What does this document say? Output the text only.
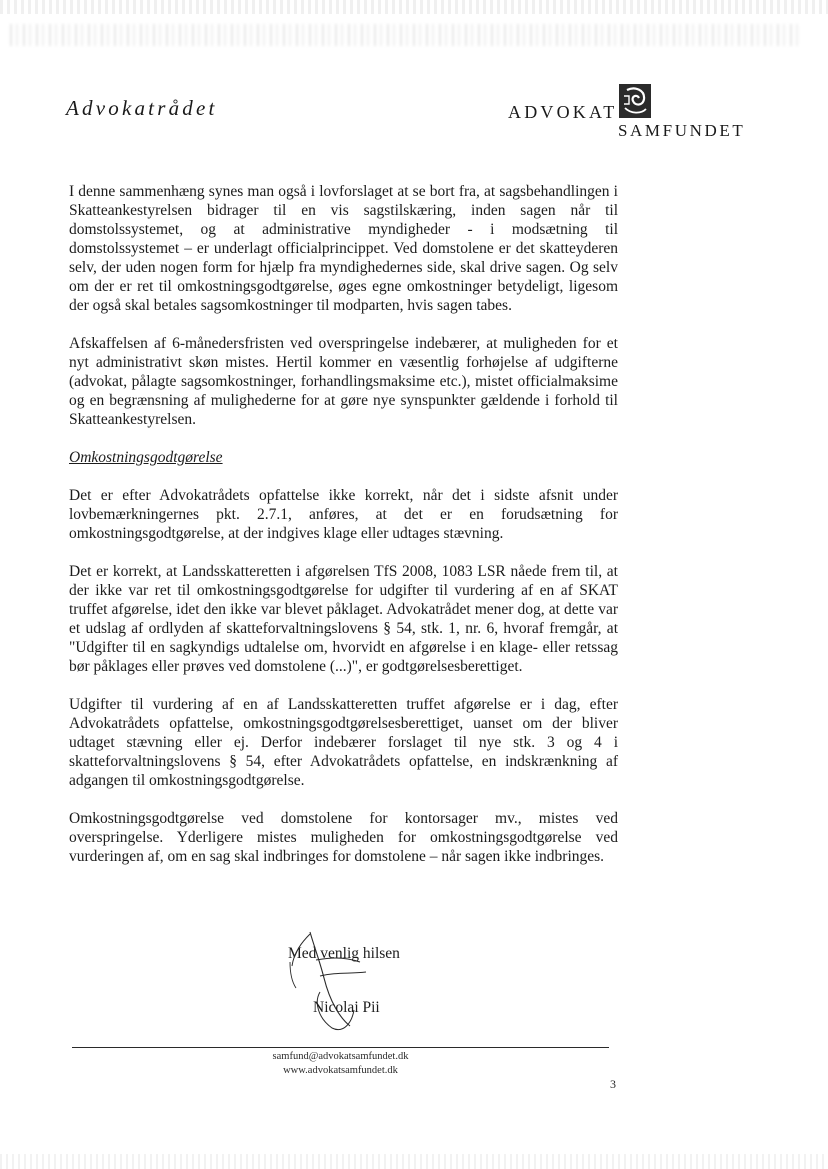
Advokatrådet	ADVOKAT
SAMFUNDET

I denne sammenhæng synes man også i lovforslaget at se bort fra, at sagsbehandlingen i Skatteankestyrelsen bidrager til en vis sagstilskæring, inden sagen når til domstolssystemet, og at administrative myndigheder - i modsætning til domstolssystemet – er underlagt officialprincippet. Ved domstolene er det skatteyderen selv, der uden nogen form for hjælp fra myndighedernes side, skal drive sagen. Og selv om der er ret til omkostningsgodtgørelse, øges egne omkostninger betydeligt, ligesom der også skal betales sagsomkostninger til modparten, hvis sagen tabes.

Afskaffelsen af 6-månedersfristen ved overspringelse indebærer, at muligheden for et nyt administrativt skøn mistes. Hertil kommer en væsentlig forhøjelse af udgifterne (advokat, pålagte sagsomkostninger, forhandlingsmaksime etc.), mistet officialmaksime og en begrænsning af mulighederne for at gøre nye synspunkter gældende i forhold til Skatteankestyrelsen.

Omkostningsgodtgørelse

Det er efter Advokatrådets opfattelse ikke korrekt, når det i sidste afsnit under lovbemærkningernes pkt. 2.7.1, anføres, at det er en forudsætning for omkostningsgodtgørelse, at der indgives klage eller udtages stævning.

Det er korrekt, at Landsskatteretten i afgørelsen TfS 2008, 1083 LSR nåede frem til, at der ikke var ret til omkostningsgodtgørelse for udgifter til vurdering af en af SKAT truffet afgørelse, idet den ikke var blevet påklaget. Advokatrådet mener dog, at dette var et udslag af ordlyden af skatteforvaltningslovens § 54, stk. 1, nr. 6, hvoraf fremgår, at "Udgifter til en sagkyndigs udtalelse om, hvorvidt en afgørelse i en klage- eller retssag bør påklages eller prøves ved domstolene (...)", er godtgørelsesberettiget.

Udgifter til vurdering af en af Landsskatteretten truffet afgørelse er i dag, efter Advokatrådets opfattelse, omkostningsgodtgørelsesberettiget, uanset om der bliver udtaget stævning eller ej. Derfor indebærer forslaget til nye stk. 3 og 4 i skatteforvaltningslovens § 54, efter Advokatrådets opfattelse, en indskrænkning af adgangen til omkostningsgodtgørelse.

Omkostningsgodtgørelse ved domstolene for kontorsager mv., mistes ved overspringelse. Yderligere mistes muligheden for omkostningsgodtgørelse ved vurderingen af, om en sag skal indbringes for domstolene – når sagen ikke indbringes.

Med venlig hilsen
Nicolai Pii
samfund@advokatsamfundet.dk
www.advokatsamfundet.dk
3
